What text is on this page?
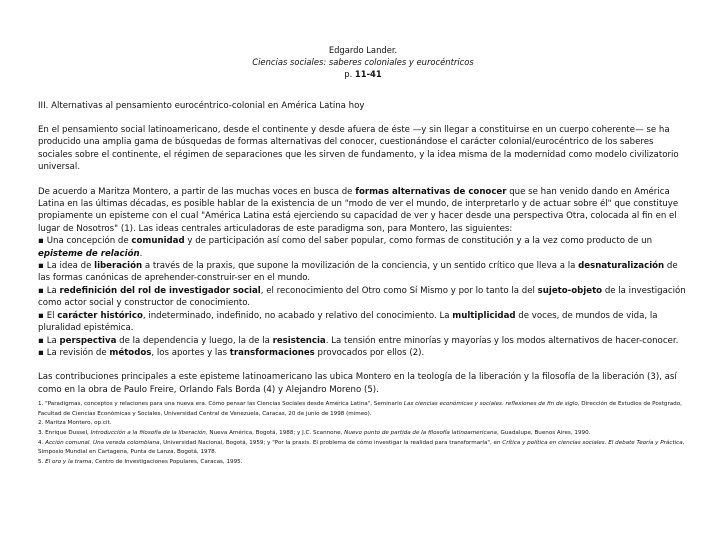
Edgardo Lander.
Ciencias sociales: saberes coloniales y eurocéntricos
p. 11-41
III. Alternativas al pensamiento eurocéntrico-colonial en América Latina hoy
En el pensamiento social latinoamericano, desde el continente y desde afuera de éste —y sin llegar a constituirse en un cuerpo coherente— se ha producido una amplia gama de búsquedas de formas alternativas del conocer, cuestionándose el carácter colonial/eurocéntrico de los saberes sociales sobre el continente, el régimen de separaciones que les sirven de fundamento, y la idea misma de la modernidad como modelo civilizatorio universal.
De acuerdo a Maritza Montero, a partir de las muchas voces en busca de formas alternativas de conocer que se han venido dando en América Latina en las últimas décadas, es posible hablar de la existencia de un "modo de ver el mundo, de interpretarlo y de actuar sobre él" que constituye propiamente un episteme con el cual "América Latina está ejerciendo su capacidad de ver y hacer desde una perspectiva Otra, colocada al fin en el lugar de Nosotros" (1). Las ideas centrales articuladoras de este paradigma son, para Montero, las siguientes:
▪ Una concepción de comunidad y de participación así como del saber popular, como formas de constitución y a la vez como producto de un episteme de relación.
▪ La idea de liberación a través de la praxis, que supone la movilización de la conciencia, y un sentido crítico que lleva a la desnaturalización de las formas canónicas de aprehender-construir-ser en el mundo.
▪ La redefinición del rol de investigador social, el reconocimiento del Otro como Sí Mismo y por lo tanto la del sujeto-objeto de la investigación como actor social y constructor de conocimiento.
▪ El carácter histórico, indeterminado, indefinido, no acabado y relativo del conocimiento. La multiplicidad de voces, de mundos de vida, la pluralidad epistémica.
▪ La perspectiva de la dependencia y luego, la de la resistencia. La tensión entre minorías y mayorías y los modos alternativos de hacer-conocer.
▪ La revisión de métodos, los aportes y las transformaciones provocados por ellos (2).
Las contribuciones principales a este episteme latinoamericano las ubica Montero en la teología de la liberación y la filosofía de la liberación (3), así como en la obra de Paulo Freire, Orlando Fals Borda (4) y Alejandro Moreno (5).
1. "Paradigmas, conceptos y relaciones para una nueva era. Cómo pensar las Ciencias Sociales desde América Latina", Seminario Las ciencias económicas y sociales. reflexiones de fin de siglo, Dirección de Estudios de Postgrado, Facultad de Ciencias Económicas y Sociales, Universidad Central de Venezuela, Caracas, 20 de junio de 1998 (mimeo).
2. Maritza Montero, op.cit.
3. Enrique Dussel, Introducción a la filosofía de la liberación, Nueva América, Bogotá, 1988; y J.C. Scannone, Nuevo punto de partida de la filosofía latinoamericana, Guadalupe, Buenos Aires, 1990.
4. Acción comunal. Una vereda colombiana, Universidad Nacional, Bogotá, 1959; y "Por la praxis. El problema de cómo investigar la realidad para transformarla", en Crítica y política en ciencias sociales. El debate Teoría y Práctica, Simposio Mundial en Cartagena, Punta de Lanza, Bogotá, 1978.
5. El oro y la trama, Centro de Investigaciones Populares, Caracas, 1995.
